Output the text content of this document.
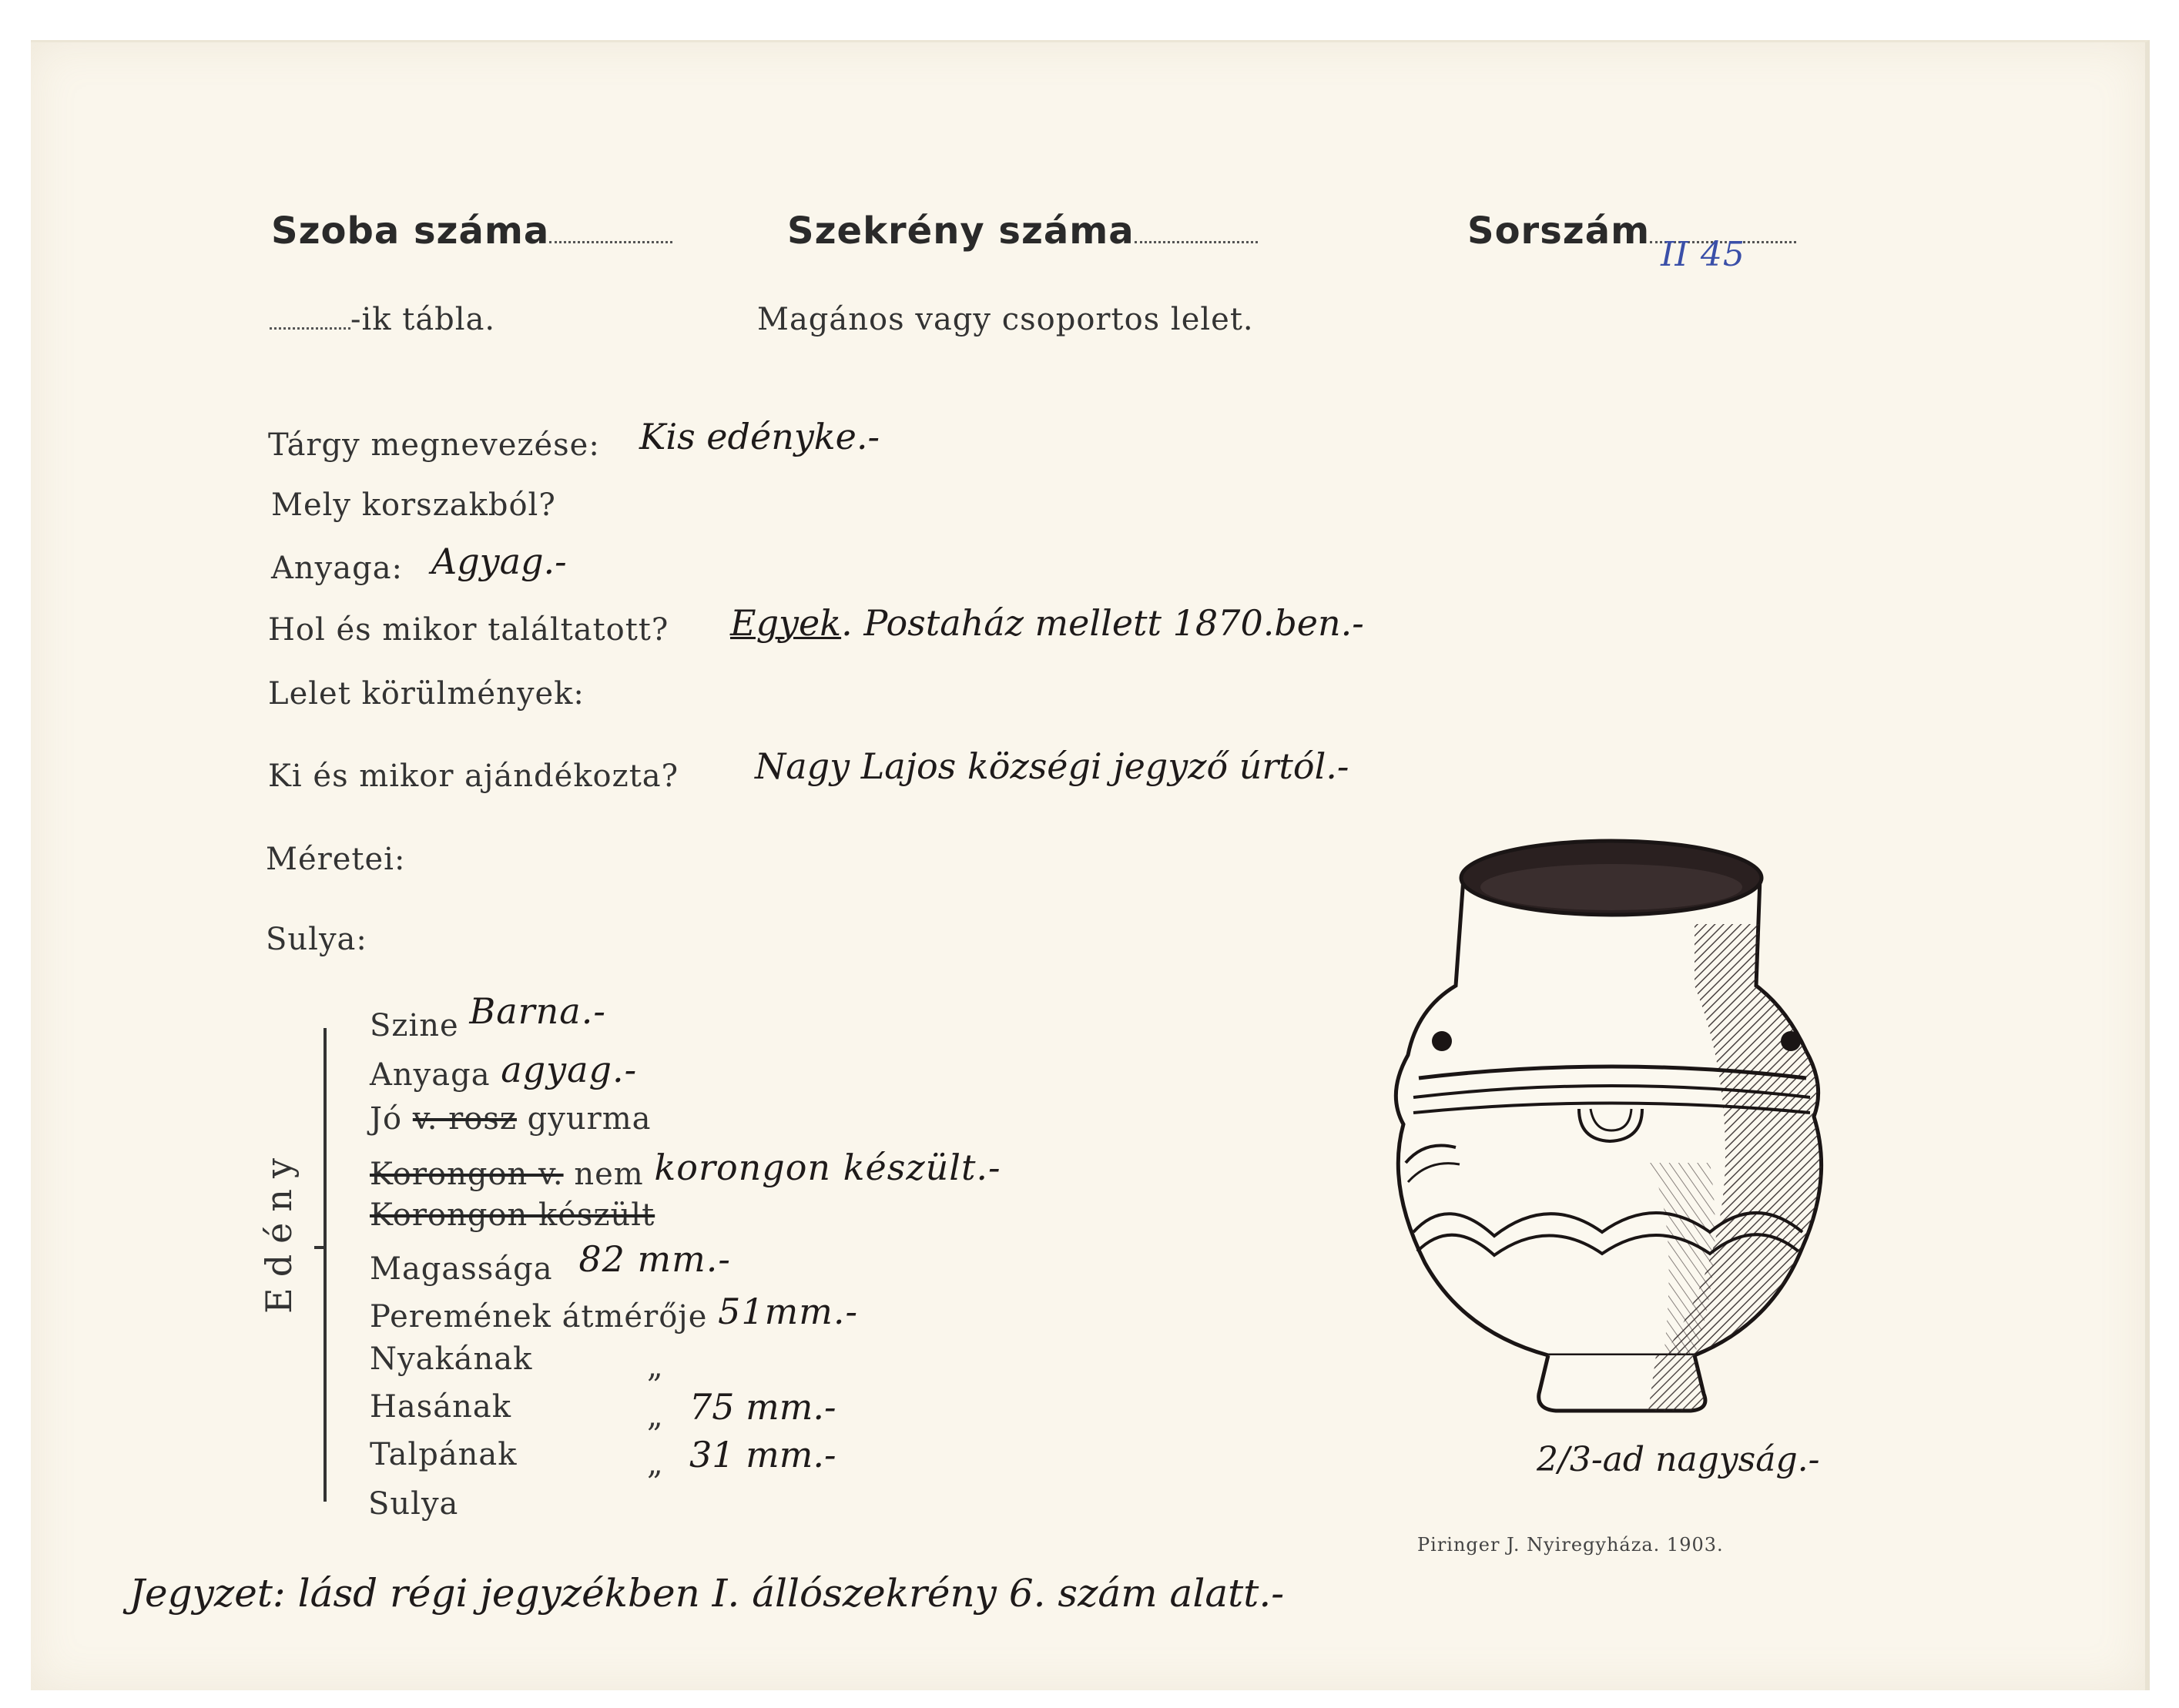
Szoba száma	Szekrény száma	Sorszám
II 45
-ik tábla.	Magános vagy csoportos lelet.
Tárgy megnevezése: Kis edényke.-
Mely korszakból?
Anyaga: Agyag.-
Hol és mikor találtatott? Egyek. Postaház mellett 1870.ben.-
Lelet körülmények:
Ki és mikor ajándékozta? Nagy Lajos községi jegyző úrtól.-
Méretei:
Sulya:
Edény
Szine Barna.-
Anyaga agyag.-
Jó v. rosz gyurma
Korongon v. nem korongon készült.-
Korongon készült
Magassága 82 mm.-
Peremének átmérője 51mm.-
Nyakának	„
Hasának	„ 75 mm.-
Talpának	„ 31 mm.-
Sulya
2/3-ad nagyság.-
Piringer J. Nyiregyháza. 1903.
Jegyzet: lásd régi jegyzékben I. állószekrény 6. szám alatt.-
